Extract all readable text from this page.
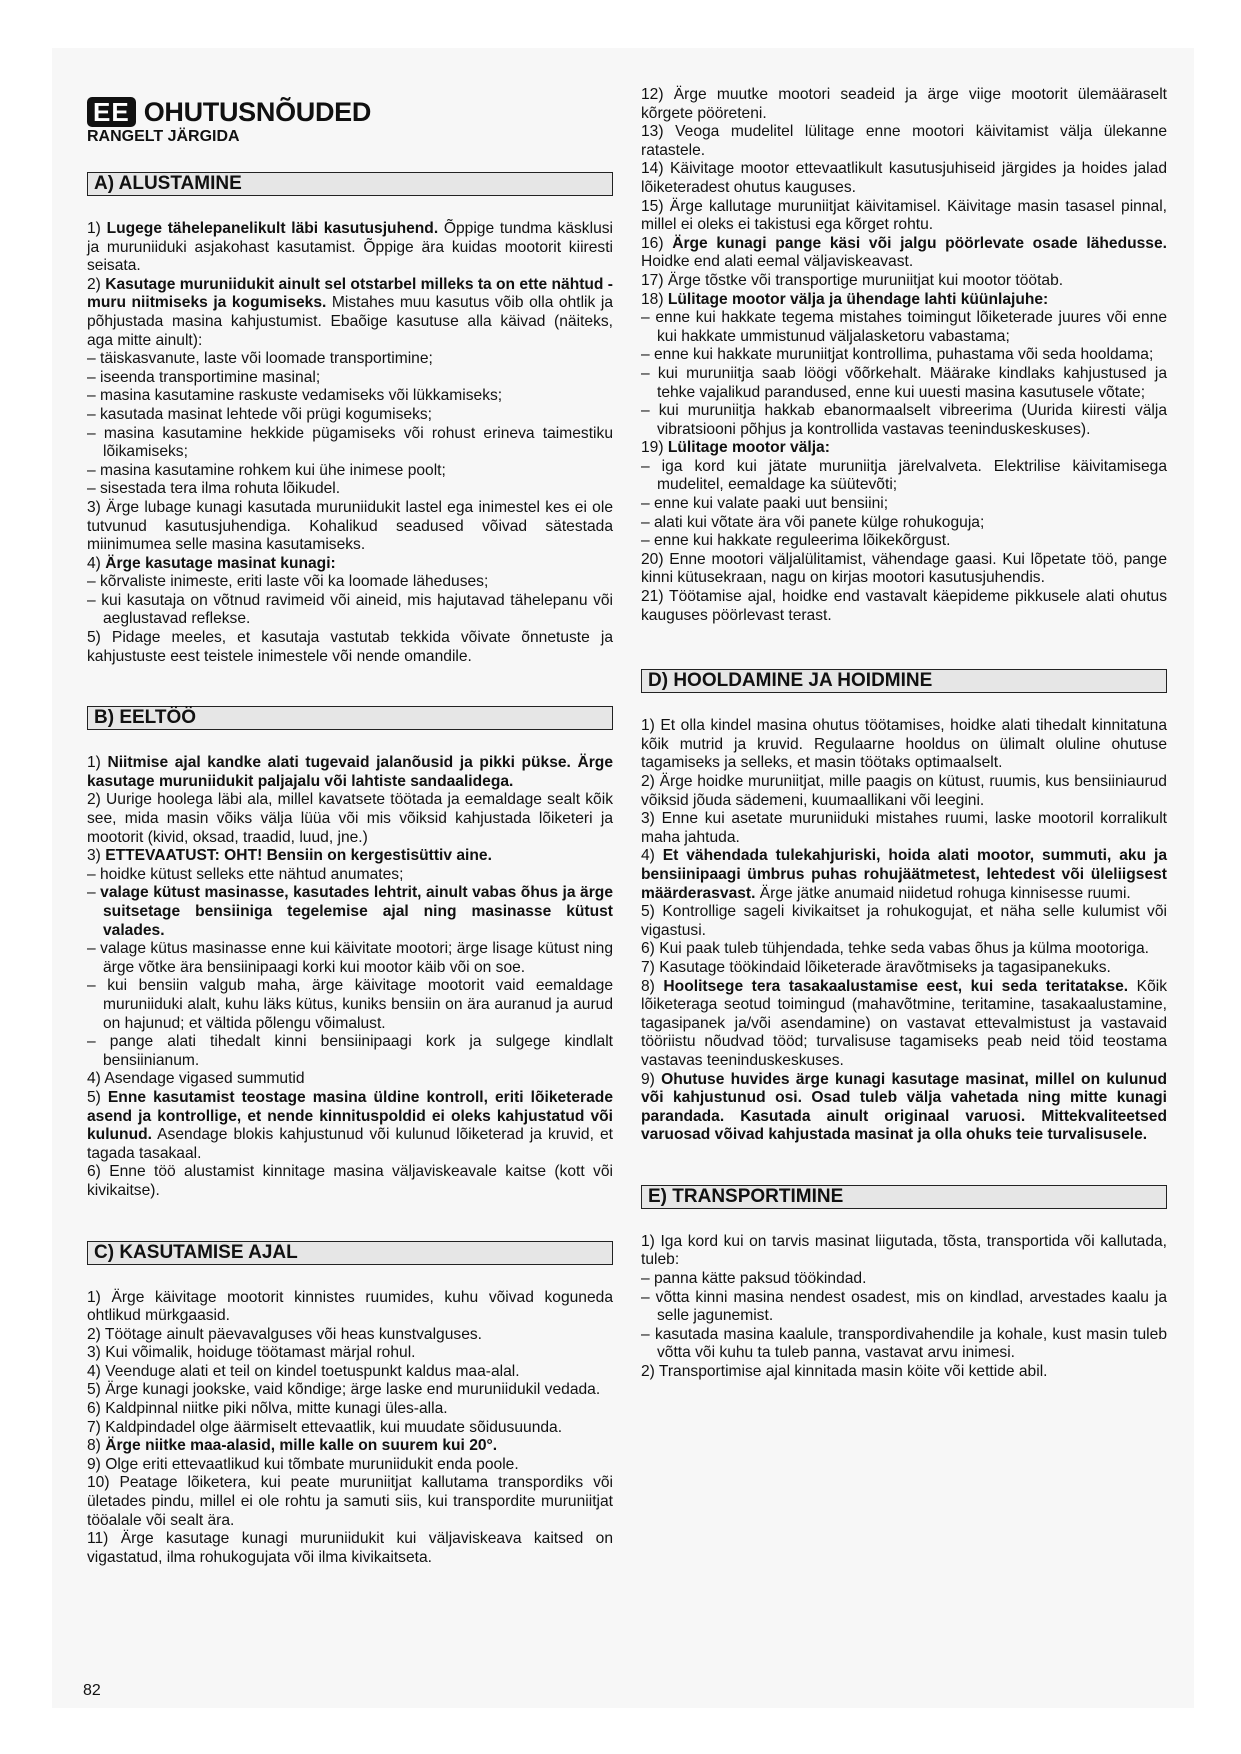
EE OHUTUSNÕUDED
RANGELT JÄRGIDA
A) ALUSTAMINE

1) Lugege tähelepanelikult läbi kasutusjuhend. Õppige tundma käsklusi ja muruniiduki asjakohast kasutamist. Õppige ära kuidas mootorit kiiresti seisata.

2) Kasutage muruniidukit ainult sel otstarbel milleks ta on ette nähtud - muru niitmiseks ja kogumiseks. Mistahes muu kasutus võib olla ohtlik ja põhjustada masina kahjustumist. Ebaõige kasutuse alla käivad (näiteks, aga mitte ainult):

– täiskasvanute, laste või loomade transportimine;

– iseenda transportimine masinal;

– masina kasutamine raskuste vedamiseks või lükkamiseks;

– kasutada masinat lehtede või prügi kogumiseks;

– masina kasutamine hekkide pügamiseks või rohust erineva taimestiku lõikamiseks;

– masina kasutamine rohkem kui ühe inimese poolt;

– sisestada tera ilma rohuta lõikudel.

3) Ärge lubage kunagi kasutada muruniidukit lastel ega inimestel kes ei ole tutvunud kasutusjuhendiga. Kohalikud seadused võivad sätestada miinimumea selle masina kasutamiseks.

4) Ärge kasutage masinat kunagi:

– kõrvaliste inimeste, eriti laste või ka loomade läheduses;

– kui kasutaja on võtnud ravimeid või aineid, mis hajutavad tähelepanu või aeglustavad reflekse.

5) Pidage meeles, et kasutaja vastutab tekkida võivate õnnetuste ja kahjustuste eest teistele inimestele või nende omandile.

B) EELTÖÖ

1) Niitmise ajal kandke alati tugevaid jalanõusid ja pikki pükse. Ärge kasutage muruniidukit paljajalu või lahtiste sandaalidega.

2) Uurige hoolega läbi ala, millel kavatsete töötada ja eemaldage sealt kõik see, mida masin võiks välja lüüa või mis võiksid kahjustada lõiketeri ja mootorit (kivid, oksad, traadid, luud, jne.)

3) ETTEVAATUST: OHT! Bensiin on kergestisüttiv aine.

– hoidke kütust selleks ette nähtud anumates;

– valage kütust masinasse, kasutades lehtrit, ainult vabas õhus ja ärge suitsetage bensiiniga tegelemise ajal ning masinasse kütust valades.

– valage kütus masinasse enne kui käivitate mootori; ärge lisage kütust ning ärge võtke ära bensiinipaagi korki kui mootor käib või on soe.

– kui bensiin valgub maha, ärge käivitage mootorit vaid eemaldage muruniiduki alalt, kuhu läks kütus, kuniks bensiin on ära auranud ja aurud on hajunud; et vältida põlengu võimalust.

– pange alati tihedalt kinni bensiinipaagi kork ja sulgege kindlalt bensiinianum.

4) Asendage vigased summutid

5) Enne kasutamist teostage masina üldine kontroll, eriti lõiketerade asend ja kontrollige, et nende kinnituspoldid ei oleks kahjustatud või kulunud. Asendage blokis kahjustunud või kulunud lõiketerad ja kruvid, et tagada tasakaal.

6) Enne töö alustamist kinnitage masina väljaviskeavale kaitse (kott või kivikaitse).

C) KASUTAMISE AJAL

1) Ärge käivitage mootorit kinnistes ruumides, kuhu võivad koguneda ohtlikud mürkgaasid.

2) Töötage ainult päevavalguses või heas kunstvalguses.

3) Kui võimalik, hoiduge töötamast märjal rohul.

4) Veenduge alati et teil on kindel toetuspunkt kaldus maa-alal.

5) Ärge kunagi jookske, vaid kõndige; ärge laske end muruniidukil vedada.

6) Kaldpinnal niitke piki nõlva, mitte kunagi üles-alla.

7) Kaldpindadel olge äärmiselt ettevaatlik, kui muudate sõidusuunda.

8) Ärge niitke maa-alasid, mille kalle on suurem kui 20°.

9) Olge eriti ettevaatlikud kui tõmbate muruniidukit enda poole.

10) Peatage lõiketera, kui peate muruniitjat kallutama transpordiks või ületades pindu, millel ei ole rohtu ja samuti siis, kui transpordite muruniitjat tööalale või sealt ära.

11) Ärge kasutage kunagi muruniidukit kui väljaviskeava kaitsed on vigastatud, ilma rohukogujata või ilma kivikaitseta.

12) Ärge muutke mootori seadeid ja ärge viige mootorit ülemääraselt kõrgete pööreteni.

13) Veoga mudelitel lülitage enne mootori käivitamist välja ülekanne ratastele.

14) Käivitage mootor ettevaatlikult kasutusjuhiseid järgides ja hoides jalad lõiketeradest ohutus kauguses.

15) Ärge kallutage muruniitjat käivitamisel. Käivitage masin tasasel pinnal, millel ei oleks ei takistusi ega kõrget rohtu.

16) Ärge kunagi pange käsi või jalgu pöörlevate osade lähedusse. Hoidke end alati eemal väljaviskeavast.

17) Ärge tõstke või transportige muruniitjat kui mootor töötab.

18) Lülitage mootor välja ja ühendage lahti küünlajuhe:

– enne kui hakkate tegema mistahes toimingut lõiketerade juures või enne kui hakkate ummistunud väljalasketoru vabastama;

– enne kui hakkate muruniitjat kontrollima, puhastama või seda hooldama;

– kui muruniitja saab löögi võõrkehalt. Määrake kindlaks kahjustused ja tehke vajalikud parandused, enne kui uuesti masina kasutusele võtate;

– kui muruniitja hakkab ebanormaalselt vibreerima (Uurida kiiresti välja vibratsiooni põhjus ja kontrollida vastavas teeninduskeskuses).

19) Lülitage mootor välja:

– iga kord kui jätate muruniitja järelvalveta. Elektrilise käivitamisega mudelitel, eemaldage ka süütevõti;

– enne kui valate paaki uut bensiini;

– alati kui võtate ära või panete külge rohukoguja;

– enne kui hakkate reguleerima lõikekõrgust.

20) Enne mootori väljalülitamist, vähendage gaasi. Kui lõpetate töö, pange kinni kütusekraan, nagu on kirjas mootori kasutusjuhendis.

21) Töötamise ajal, hoidke end vastavalt käepideme pikkusele alati ohutus kauguses pöörlevast terast.

D) HOOLDAMINE JA HOIDMINE

1) Et olla kindel masina ohutus töötamises, hoidke alati tihedalt kinnitatuna kõik mutrid ja kruvid. Regulaarne hooldus on ülimalt oluline ohutuse tagamiseks ja selleks, et masin töötaks optimaalselt.

2) Ärge hoidke muruniitjat, mille paagis on kütust, ruumis, kus bensiiniaurud võiksid jõuda sädemeni, kuumaallikani või leegini.

3) Enne kui asetate muruniiduki mistahes ruumi, laske mootoril korralikult maha jahtuda.

4) Et vähendada tulekahjuriski, hoida alati mootor, summuti, aku ja bensiinipaagi ümbrus puhas rohujäätmetest, lehtedest või üleliigsest määrderasvast. Ärge jätke anumaid niidetud rohuga kinnisesse ruumi.

5) Kontrollige sageli kivikaitset ja rohukogujat, et näha selle kulumist või vigastusi.

6) Kui paak tuleb tühjendada, tehke seda vabas õhus ja külma mootoriga.

7) Kasutage töökindaid lõiketerade äravõtmiseks ja tagasipanekuks.

8) Hoolitsege tera tasakaalustamise eest, kui seda teritatakse. Kõik lõiketeraga seotud toimingud (mahavõtmine, teritamine, tasakaalustamine, tagasipanek ja/või asendamine) on vastavat ettevalmistust ja vastavaid tööriistu nõudvad tööd; turvalisuse tagamiseks peab neid töid teostama vastavas teeninduskeskuses.

9) Ohutuse huvides ärge kunagi kasutage masinat, millel on kulunud või kahjustunud osi. Osad tuleb välja vahetada ning mitte kunagi parandada. Kasutada ainult originaal varuosi. Mittekvaliteetsed varuosad võivad kahjustada masinat ja olla ohuks teie turvalisusele.

E) TRANSPORTIMINE

1) Iga kord kui on tarvis masinat liigutada, tõsta, transportida või kallutada, tuleb:

– panna kätte paksud töökindad.

– võtta kinni masina nendest osadest, mis on kindlad, arvestades kaalu ja selle jagunemist.

– kasutada masina kaalule, transpordivahendile ja kohale, kust masin tuleb võtta või kuhu ta tuleb panna, vastavat arvu inimesi.

2) Transportimise ajal kinnitada masin köite või kettide abil.

82
